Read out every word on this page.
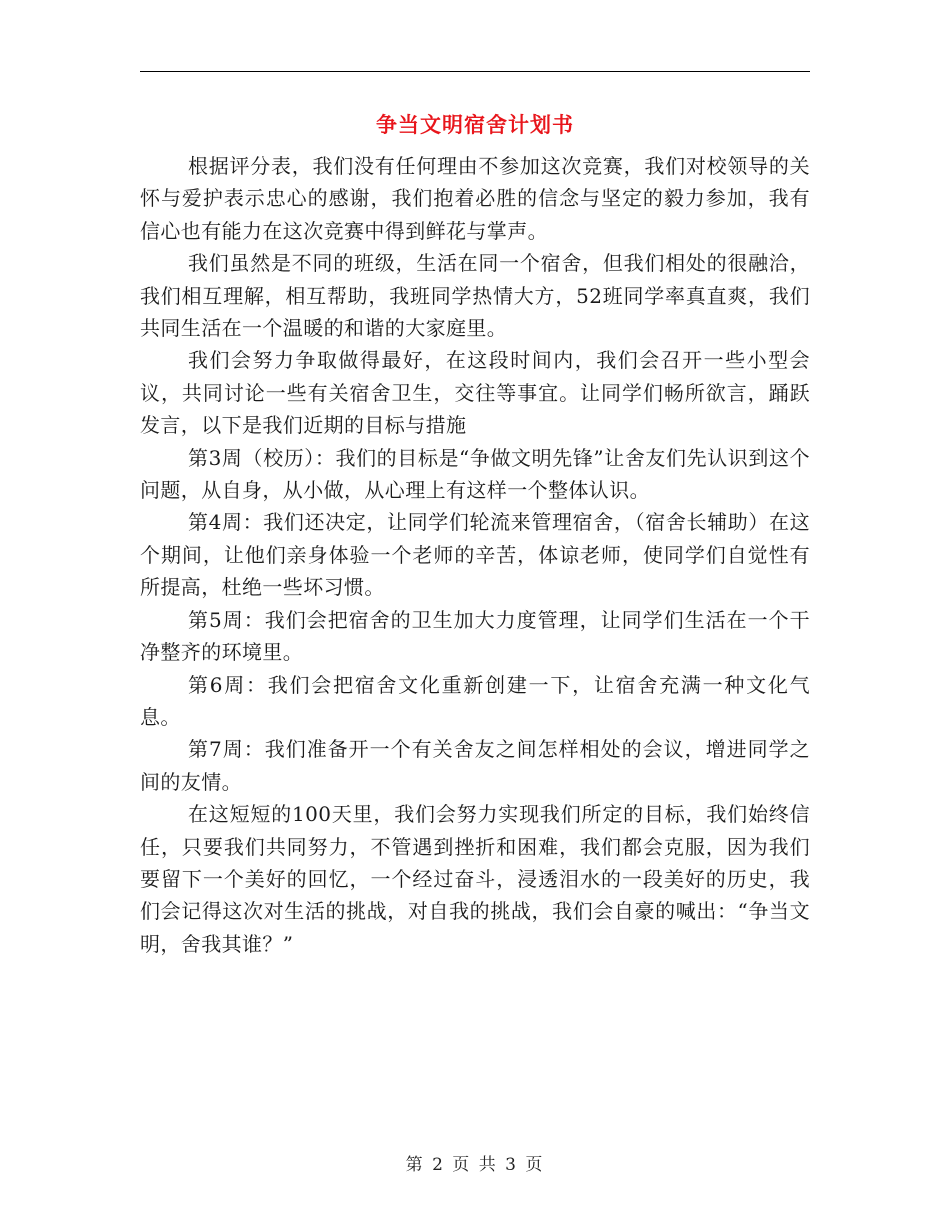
争当文明宿舍计划书

根据评分表，我们没有任何理由不参加这次竞赛，我们对校领导的关怀与爱护表示忠心的感谢，我们抱着必胜的信念与坚定的毅力参加，我有信心也有能力在这次竞赛中得到鲜花与掌声。

我们虽然是不同的班级，生活在同一个宿舍，但我们相处的很融洽，我们相互理解，相互帮助，我班同学热情大方，52班同学率真直爽，我们共同生活在一个温暖的和谐的大家庭里。

我们会努力争取做得最好，在这段时间内，我们会召开一些小型会议，共同讨论一些有关宿舍卫生，交往等事宜。让同学们畅所欲言，踊跃发言，以下是我们近期的目标与措施

第3周（校历）：我们的目标是“争做文明先锋”让舍友们先认识到这个问题，从自身，从小做，从心理上有这样一个整体认识。

第4周：我们还决定，让同学们轮流来管理宿舍，（宿舍长辅助）在这个期间，让他们亲身体验一个老师的辛苦，体谅老师，使同学们自觉性有所提高，杜绝一些坏习惯。

第5周：我们会把宿舍的卫生加大力度管理，让同学们生活在一个干净整齐的环境里。

第6周：我们会把宿舍文化重新创建一下，让宿舍充满一种文化气息。

第7周：我们准备开一个有关舍友之间怎样相处的会议，增进同学之间的友情。

在这短短的100天里，我们会努力实现我们所定的目标，我们始终信任，只要我们共同努力，不管遇到挫折和困难，我们都会克服，因为我们要留下一个美好的回忆，一个经过奋斗，浸透泪水的一段美好的历史，我们会记得这次对生活的挑战，对自我的挑战，我们会自豪的喊出：“争当文明，舍我其谁？”

第 2 页 共 3 页
